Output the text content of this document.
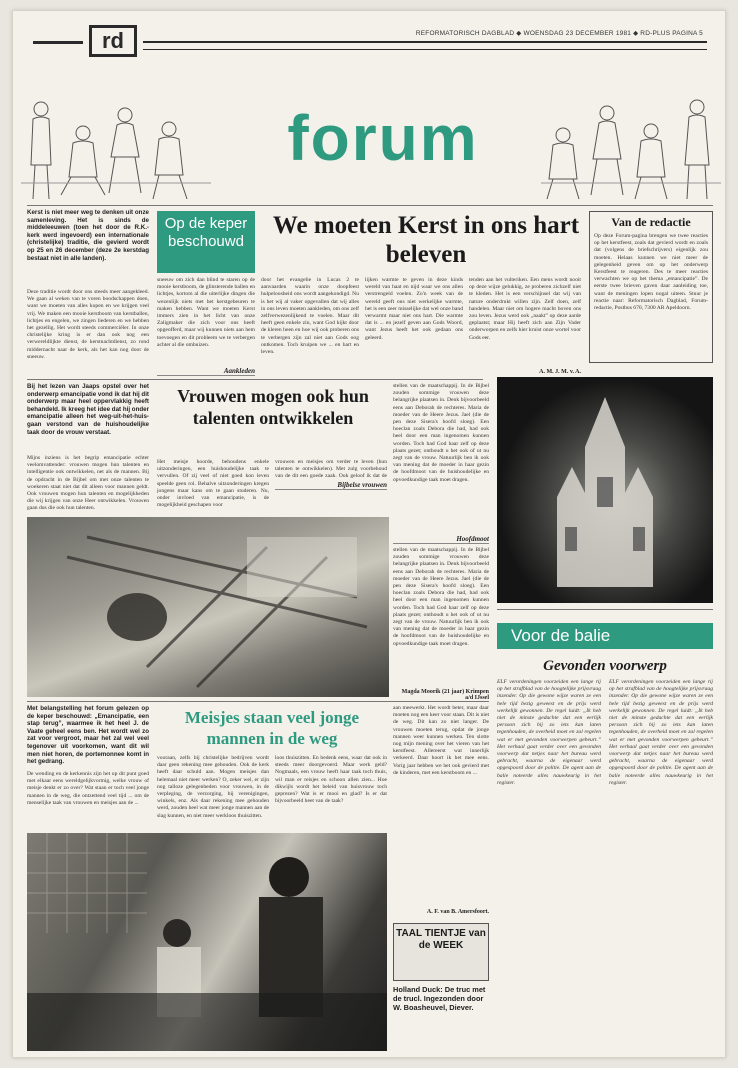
rd	REFORMATORISCH DAGBLAD ◆ WOENSDAG 23 DECEMBER 1981 ◆ RD-PLUS PAGINA 5
forum
Kerst is niet meer weg te denken uit onze samenleving. Het is sinds de middeleeuwen (toen het door de R.K.-kerk werd ingevoerd) een internationale (christelijke) traditie, die gevierd wordt op 25 en 26 december (deze 2e kerstdag bestaat niet in alle landen).
Deze traditie wordt door ons steeds meer aangekleed. We gaan al weken van te voren boodschappen doen, want we moeten van alles kopen en we krijgen veel vrij. We maken een mooie kerstboom van kerstballen, lichtjes en engelen, we zingen liederen en we hebben het gezellig. Het wordt steeds commerciëler. In onze christelijke kring is er dan ook nog een verwereldlijkte dienst, de kerstnachtdienst, zo rond middernacht naar de kerk, als het kan nog door de sneeuw.
Op de keper beschouwd
We moeten Kerst in ons hart beleven
sneeuw om zich dan blind te staren op de mooie kerstboom, de glinsterende ballen en lichtjes, kortom al die uiterlijke dingen die wezenlijk niets met het kerstgebeuren te maken hebben. Want we moeten Kerst immers zien in het licht van onze Zaligmaker die zich voor ons heeft opgeofferd, maar wij kunnen niets aan hem toevoegen en dit probleem we te verbergen achter al die ombuizen.
Aankleden
door het evangelie in Lucas 2 te aanvaarden waarin onze doopfeest hulpeloosheid ons wordt aangekondigd. Nu is het wij al vaker opgevallen dat wij alles in ons leven moeten aankleden, om ons zelf zelfverwezenlijkend te voelen. Maar dit heeft geen enkele zin, want God kijkt door de kleren heen en hoe wij ook proberen ons te verbergen zijn zal niet aan Gods oog ontkomen. Toch kruipen we ... en hart en leven.
lijken warmte te geven in deze kinds wereld van haat en nijd waar we ons allen verstrengeld voelen. Zo'n week van de wereld geeft ons niet werkelijke warmte, het is een zeer misselijke dat wel onze band verwarmt maar niet ons hart. Die warmte dat is ... en jezelf geven aan Gods Woord, want Jezus heeft het ook gedaan ons geleerd.
tenden aan het vulteriken. Een mens wordt nooit op deze wijze gelukkig, ze proberen zichzelf niet te kleden. Het is een verschijnsel dat wij van nature onderdrukt willen zijn. Zelf doen, zelf handelen. Maar niet om hogere macht boven ons zou leven. Jezus werd ook „naakt” op deze aarde geplaatst; maar Hij heeft zich aan Zijn Vader onderworpen en zelfs hier kruist onze wortel voor Gods eer.
A. M. J. M. v. A.
Van de redactie
Op deze Forum-pagina brengen we twee reacties op het kerstfeest, zoals dat gevierd wordt en zoals dat (volgens de briefschrijvers) eigenlijk zou moeten. Helaas kunnen we niet meer de gelegenheid geven om op het onderwerp Kerstfeest te reageren. Des te meer reacties verwachten we op het thema „emancipatie”. De eerste twee brieven gaven daar aanleiding toe, want de meningen lopen nogal uiteen. Stuur je reactie naar: Reformatorisch Dagblad, Forum-redactie, Postbus 670, 7300 AR Apeldoorn.
Bij het lezen van Jaaps opstel over het onderwerp emancipatie vond ik dat hij dit onderwerp maar heel oppervlakkig heeft behandeld. Ik kreeg het idee dat hij onder emancipatie alleen het weg-uit-het-huis-gaan verstond van de huishoudelijke taak door de vrouw verstaat.
Mijns inziens is het begrip emancipatie echter veelomvattender: vrouwen mogen hun talenten en intelligentie ook ontwikkelen, net als de mannen. Bij de opdracht in de Bijbel om met onze talenten te woekeren staat niet dat dit alleen voor mannen geldt. Ook vrouwen mogen hun talenten en mogelijkheden die wij krijgen van onze Heer ontwikkelen. Vrouwen gaan dus die ook hun talenten.
Vrouwen mogen ook hun talenten ontwikkelen
Het meisje hoorde, behoudens enkele uitzonderingen, een huishoudelijke taak te vervullen. Of zij veel of niet goed kon leven speelde geen rol. Behalve uitzonderingen kregen jongens maar kans om te gaan studeren. Nu, onder invloed van emancipatie, is de mogelijkheid geschapen voor
vrouwen en meisjes om verder te leven (hun talenten te ontwikkelen). Met zulg voorbehoud van de dit een goede zaak. Ook geloof ik dat de
Bijbelse vrouwen
stellen van de maatschappij. In de Bijbel zouden sommige vrouwen deze belangrijke plaatsen in. Denk bijvoorbeeld eens aan Deborah de rechteres. Maria de moeder van de Heere Jezus. Jael (die de pen deze Sisera's hoofd sloeg). Een hoeclan zoals Debora die had, had ook heel door een man ingenomen kunnen worden. Toch had God haar zelf op deze plaats gezet; onthoudt u het ook of ut nu zegt van de vrouw. Natuurlijk ben ik ook van mening dat de moeder in haar gezin de hoofdmoot van de huishoudelijke en opvoedkundige taak moet dragen.
Hoofdmoot
stellen van de maatschappij. In de Bijbel zouden sommige vrouwen deze belangrijke plaatsen in. Denk bijvoorbeeld eens aan Deborah de rechteres. Maria de moeder van de Heere Jezus. Jael (die de pen deze Sisera's hoofd sloeg). Een hoeclan zoals Debora die had, had ook heel door een man ingenomen kunnen worden. Toch had God haar zelf op deze plaats gezet; onthoudt u het ook of ut nu zegt van de vrouw. Natuurlijk ben ik ook van mening dat de moeder in haar gezin de hoofdmoot van de huishoudelijke en opvoedkundige taak moet dragen.
Magda Moorik (21 jaar) Krimpen a/d IJssel
Voor de balie
Gevonden voorwerp
ELF verordeningen voorzeiden een lange rij op het strafblad van de hoogtelijke prijsvraag inzender. Op die gewone wijze waren ze een hele tijd bezig geweest en de prijs werd werkelijk gewonnen. De regel luidt: „Ik heb niet de minste gedachte dat een eerlijk persoon zich bij zo iets kan laten tegenhouden, de overheid moet en zal regelen wat er met gevonden voorwerpen gebeurt.” Het verhaal gaat verder over een gevonden voorwerp dat netjes naar het bureau werd gebracht, waarna de eigenaar werd opgespoord door de politie. De agent aan de balie noteerde alles nauwkeurig in het register.
ELF verordeningen voorzeiden een lange rij op het strafblad van de hoogtelijke prijsvraag inzender. Op die gewone wijze waren ze een hele tijd bezig geweest en de prijs werd werkelijk gewonnen. De regel luidt: „Ik heb niet de minste gedachte dat een eerlijk persoon zich bij zo iets kan laten tegenhouden, de overheid moet en zal regelen wat er met gevonden voorwerpen gebeurt.” Het verhaal gaat verder over een gevonden voorwerp dat netjes naar het bureau werd gebracht, waarna de eigenaar werd opgespoord door de politie. De agent aan de balie noteerde alles nauwkeurig in het register.
Met belangstelling het forum gelezen op de keper beschouwd: „Emancipatie, een stap terug”, waarmee ik het heel J. de Vaate geheel eens ben. Het wordt wel zo zat voor vergroot, maar het zal wel veel tegenover uit voorkomen, want dit wil men niet horen, de portemonnee komt in het gedrang.
De wending en de kerkennis zijn het op dit punt goed met elkaar eens wereldgelijkvormig, welke vrouw of meisje denkt er zo over? Wat staan er toch veel jonge mannen in de weg, die ontzettend veel tijd ... om de menselijke taak van vrouwen en meisjes aan de ...
Meisjes staan veel jonge mannen in de weg
vooraan, zelfs bij christelijke bedrijven wordt daar geen rekening mee gehouden. Ook de kerk heeft daar schuld aan. Mogen meisjes dan helemaal niet meer werken? O, zeker wel, er zijn nog talloze gelegenheden voor vrouwen, in de verpleging, de verzorging, bij verenigingen, winkels, enz. Als daar rekening mee gehouden werd, zouden heel wat meer jonge mannen aan de slag kunnen, en niet meer werkloos thuiszitten.
loos thuiszitten. En bedenk eens, waar dat ook in steeds meer doorgevoerd. Maar werk geld? Nogmaals, een vrouw heeft haar taak toch thuis, wil man er reisjes en schoon allen zien... Hoe dikwijls wordt het beleid van huisvrouw toch geprezen? Wat is er mooi en glad? Is er dat bijvoorbeeld heet van de taak?
aan meewerkt. Het wordt beter, maar daar moeten nog een keer voor staan. Dit is niet de weg. Dit kan zo niet langer. De vrouwen moeten terug, opdat de jonge mannen weer kunnen werken. Ten slotte nog mijn mening over het vieren van het kerstfeest. Allereerst wat innerlijk verkeerd. Daar hoort ik het mee eens. Vorig jaar hebben we het ook gevierd met de kinderen, met een kerstboom en ...
A. F. van B. Amersfoort.
TAAL TIENTJE van de WEEK
Holland Duck: De truc met de trucl. Ingezonden door W. Boasheuvel, Diever.
